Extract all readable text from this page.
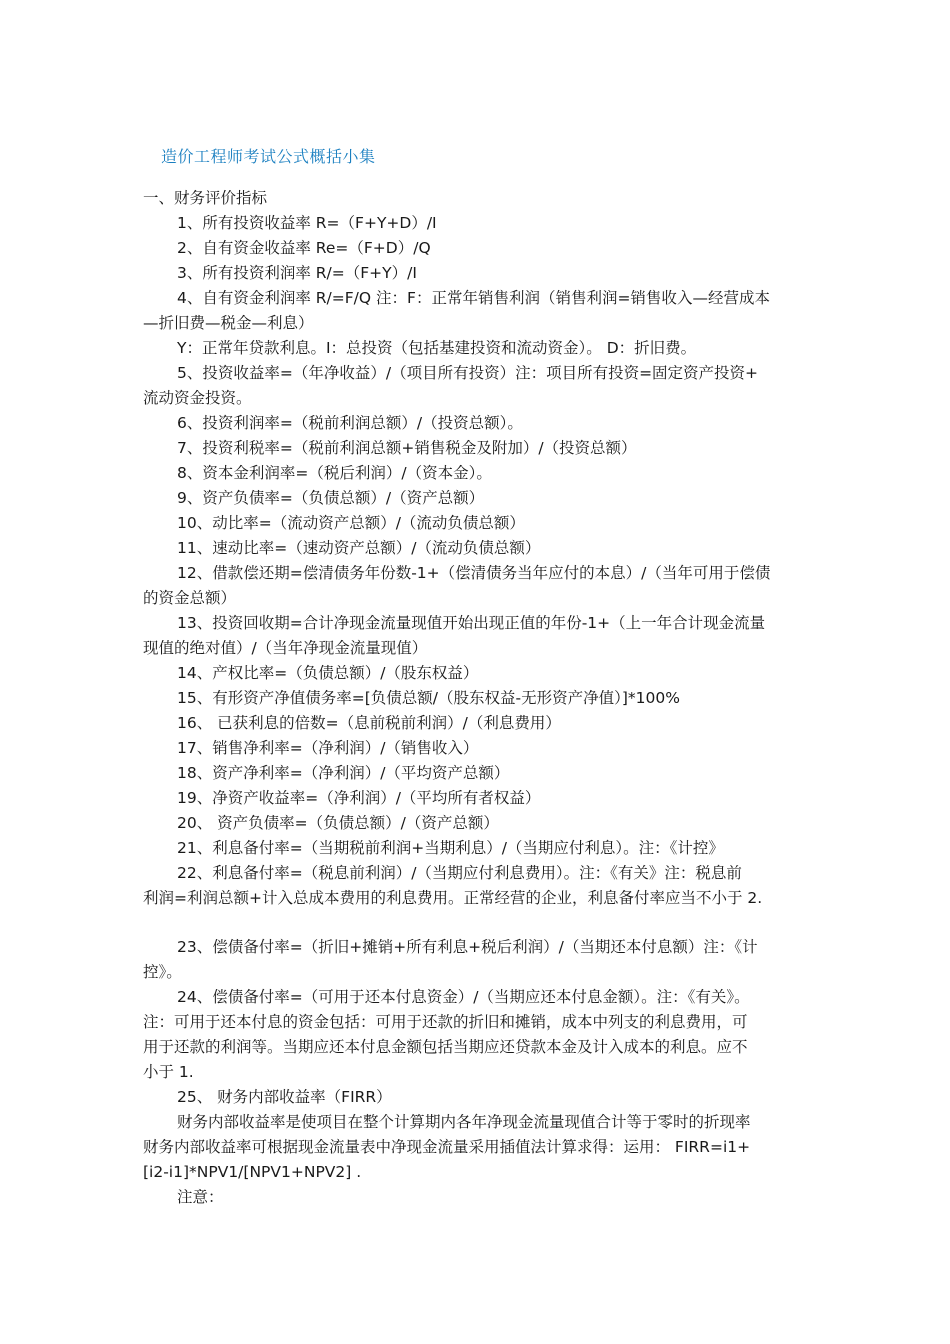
造价工程师考试公式概括小集
一、财务评价指标
1、所有投资收益率 R=（F+Y+D）/I
2、自有资金收益率 Re=（F+D）/Q
3、所有投资利润率 R/=（F+Y）/I
4、自有资金利润率 R/=F/Q 注：F：正常年销售利润（销售利润=销售收入—经营成本
—折旧费—税金—利息）
Y：正常年贷款利息。I：总投资（包括基建投资和流动资金）。 D：折旧费。
5、投资收益率=（年净收益）/（项目所有投资）注：项目所有投资=固定资产投资+
流动资金投资。
6、投资利润率=（税前利润总额）/（投资总额）。
7、投资利税率=（税前利润总额+销售税金及附加）/（投资总额）
8、资本金利润率=（税后利润）/（资本金）。
9、资产负债率=（负债总额）/（资产总额）
10、动比率=（流动资产总额）/（流动负债总额）
11、速动比率=（速动资产总额）/（流动负债总额）
12、借款偿还期=偿清债务年份数-1+（偿清债务当年应付的本息）/（当年可用于偿债
的资金总额）
13、投资回收期=合计净现金流量现值开始出现正值的年份-1+（上一年合计现金流量
现值的绝对值）/（当年净现金流量现值）
14、产权比率=（负债总额）/（股东权益）
15、有形资产净值债务率=[负债总额/（股东权益-无形资产净值）]*100%
16、 已获利息的倍数=（息前税前利润）/（利息费用）
17、销售净利率=（净利润）/（销售收入）
18、资产净利率=（净利润）/（平均资产总额）
19、净资产收益率=（净利润）/（平均所有者权益）
20、 资产负债率=（负债总额）/（资产总额）
21、利息备付率=（当期税前利润+当期利息）/（当期应付利息）。注：《计控》
22、利息备付率=（税息前利润）/（当期应付利息费用）。注：《有关》注：税息前
利润=利润总额+计入总成本费用的利息费用。正常经营的企业，利息备付率应当不小于 2.
23、偿债备付率=（折旧+摊销+所有利息+税后利润）/（当期还本付息额）注：《计
控》。
24、偿债备付率=（可用于还本付息资金）/（当期应还本付息金额）。注：《有关》。
注：可用于还本付息的资金包括：可用于还款的折旧和摊销，成本中列支的利息费用，可
用于还款的利润等。当期应还本付息金额包括当期应还贷款本金及计入成本的利息。应不
小于 1.
25、 财务内部收益率（FIRR）
财务内部收益率是使项目在整个计算期内各年净现金流量现值合计等于零时的折现率
财务内部收益率可根据现金流量表中净现金流量采用插值法计算求得：运用： FIRR=i1+
[i2-i1]*NPV1/[NPV1+NPV2] .
注意：
